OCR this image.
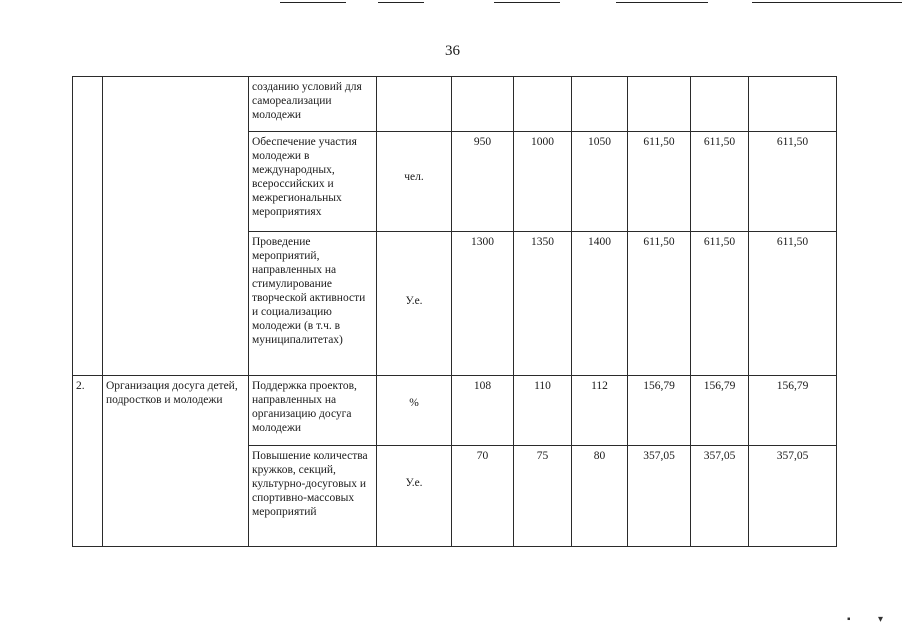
36
		созданию условий для самореализации молодежи							
		Обеспечение участия молодежи в международных, всероссийских и межрегиональных мероприятиях	чел.	950	1000	1050	611,50	611,50	611,50
		Проведение мероприятий, направленных на стимулирование творческой активности и социализацию молодежи (в т.ч. в муниципалитетах)	У.е.	1300	1350	1400	611,50	611,50	611,50
2.	Организация досуга детей, подростков и молодежи	Поддержка проектов, направленных на организацию досуга молодежи	%	108	110	112	156,79	156,79	156,79
		Повышение количества кружков, секций, культурно-досуговых и спортивно-массовых мероприятий	У.е.	70	75	80	357,05	357,05	357,05
▪	▾
